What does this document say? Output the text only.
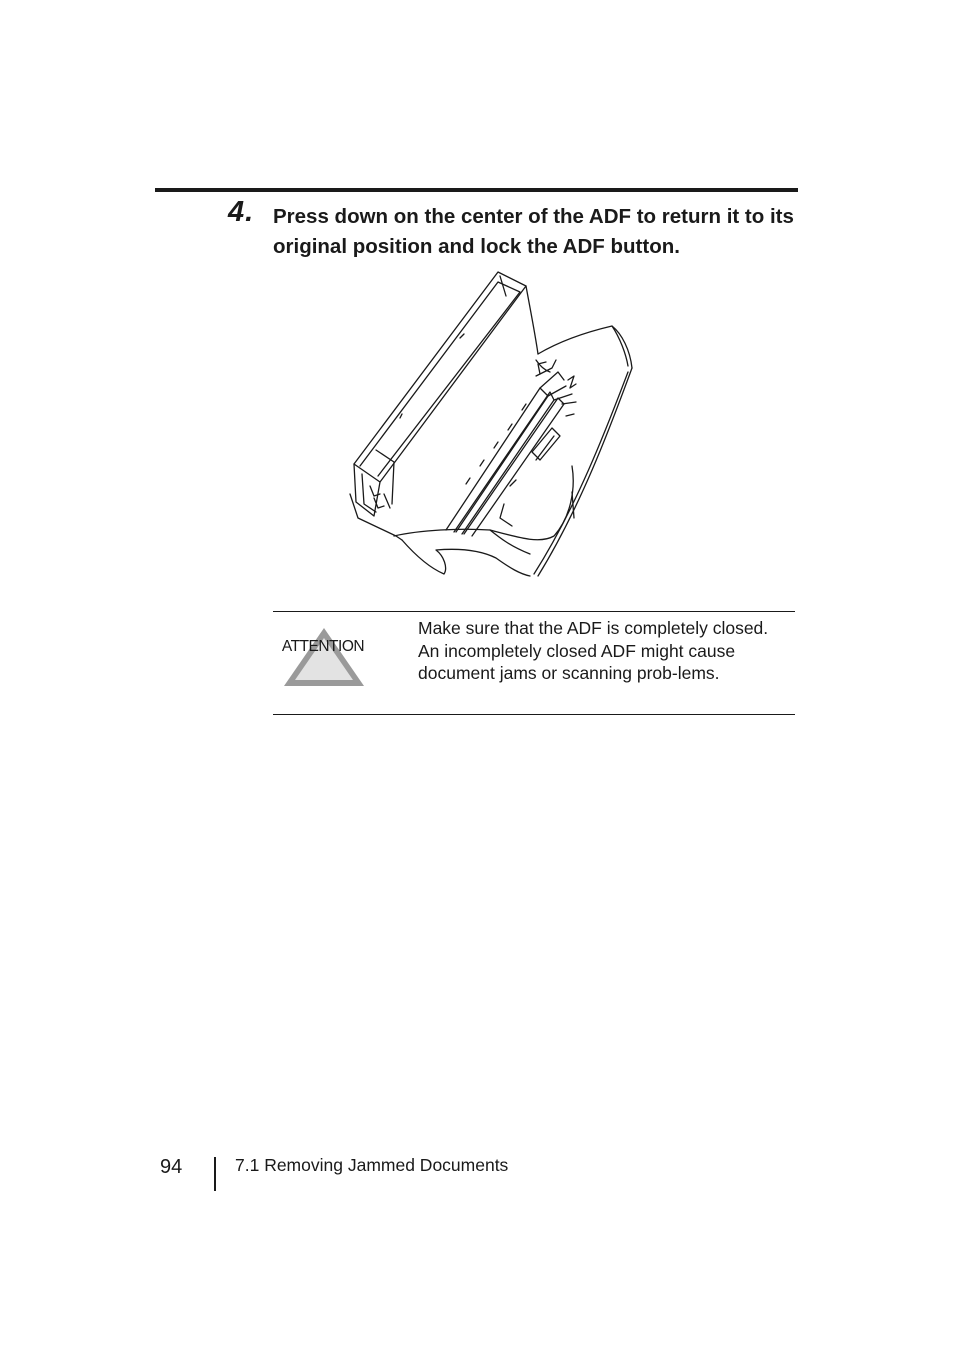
4. Press down on the center of the ADF to return it to its original position and lock the ADF button.
ATTENTION
Make sure that the ADF is completely closed. An incompletely closed ADF might cause document jams or scanning prob-lems.
94	7.1 Removing Jammed Documents
